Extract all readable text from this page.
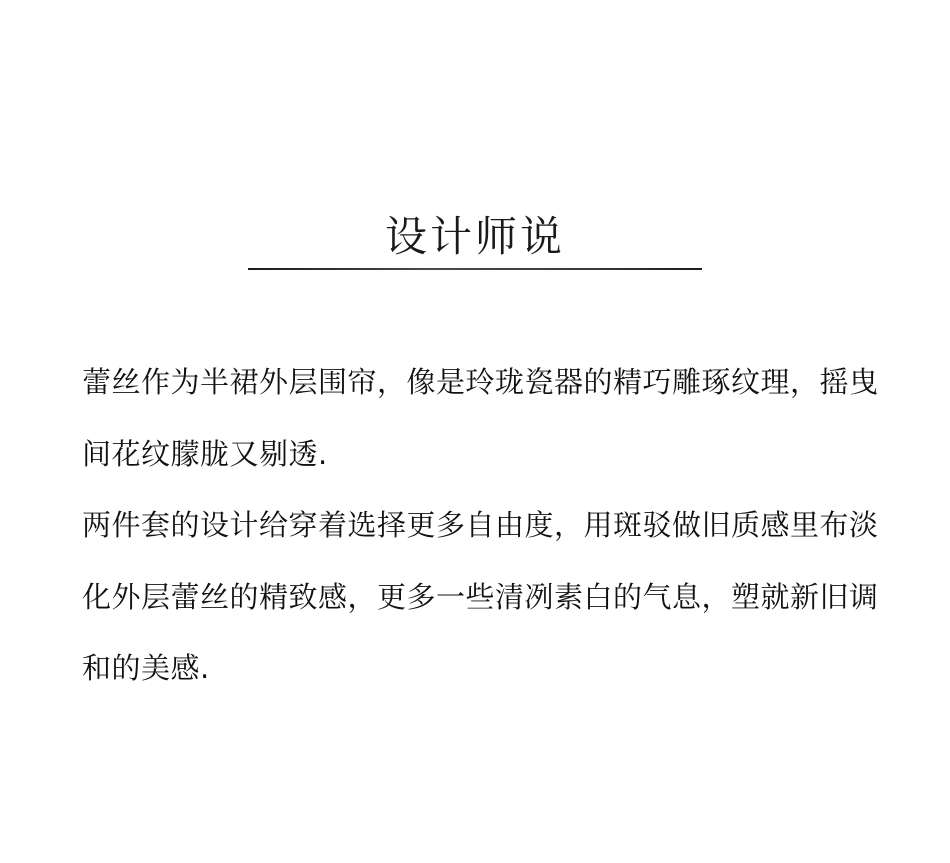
设计师说
蕾丝作为半裙外层围帘，像是玲珑瓷器的精巧雕琢纹理，摇曳
间花纹朦胧又剔透.
两件套的设计给穿着选择更多自由度，用斑驳做旧质感里布淡
化外层蕾丝的精致感，更多一些清冽素白的气息，塑就新旧调
和的美感.
